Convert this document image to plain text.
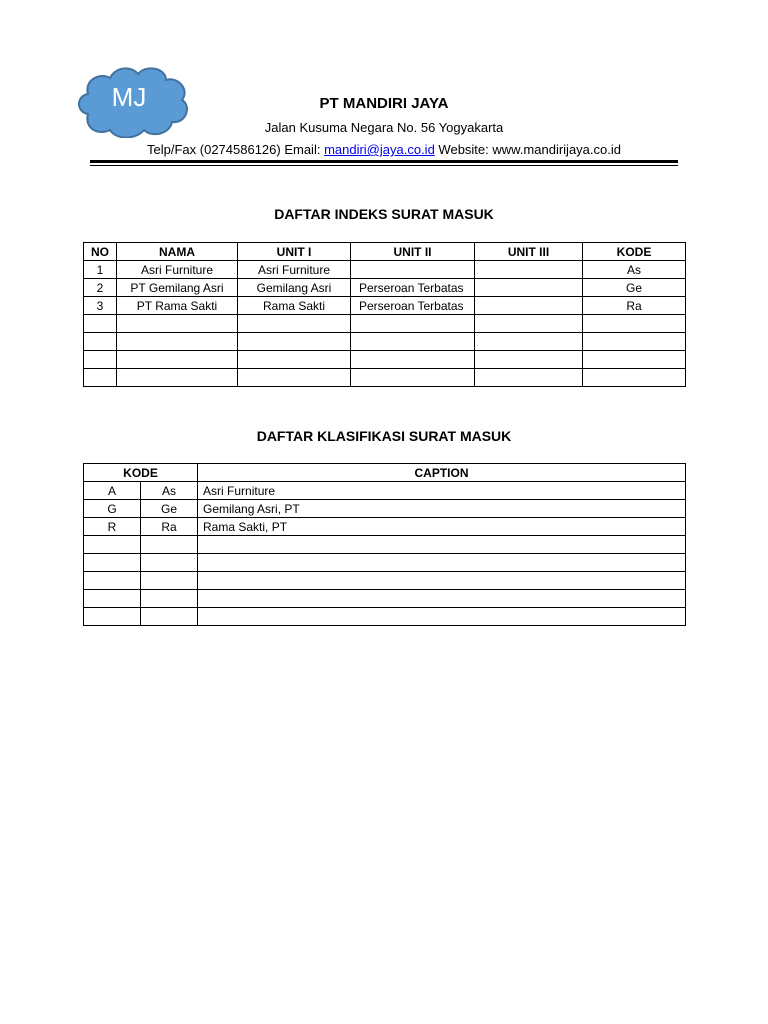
MJ	PT MANDIRI JAYA
Jalan Kusuma Negara No. 56 Yogyakarta
Telp/Fax (0274586126) Email: mandiri@jaya.co.id Website: www.mandirijaya.co.id
DAFTAR INDEKS SURAT MASUK
NO	NAMA	UNIT I	UNIT II	UNIT III	KODE
1	Asri Furniture	Asri Furniture			As
2	PT Gemilang Asri	Gemilang Asri	Perseroan Terbatas		Ge
3	PT Rama Sakti	Rama Sakti	Perseroan Terbatas		Ra

DAFTAR KLASIFIKASI SURAT MASUK
KODE		CAPTION
A	As	Asri Furniture
G	Ge	Gemilang Asri, PT
R	Ra	Rama Sakti, PT
